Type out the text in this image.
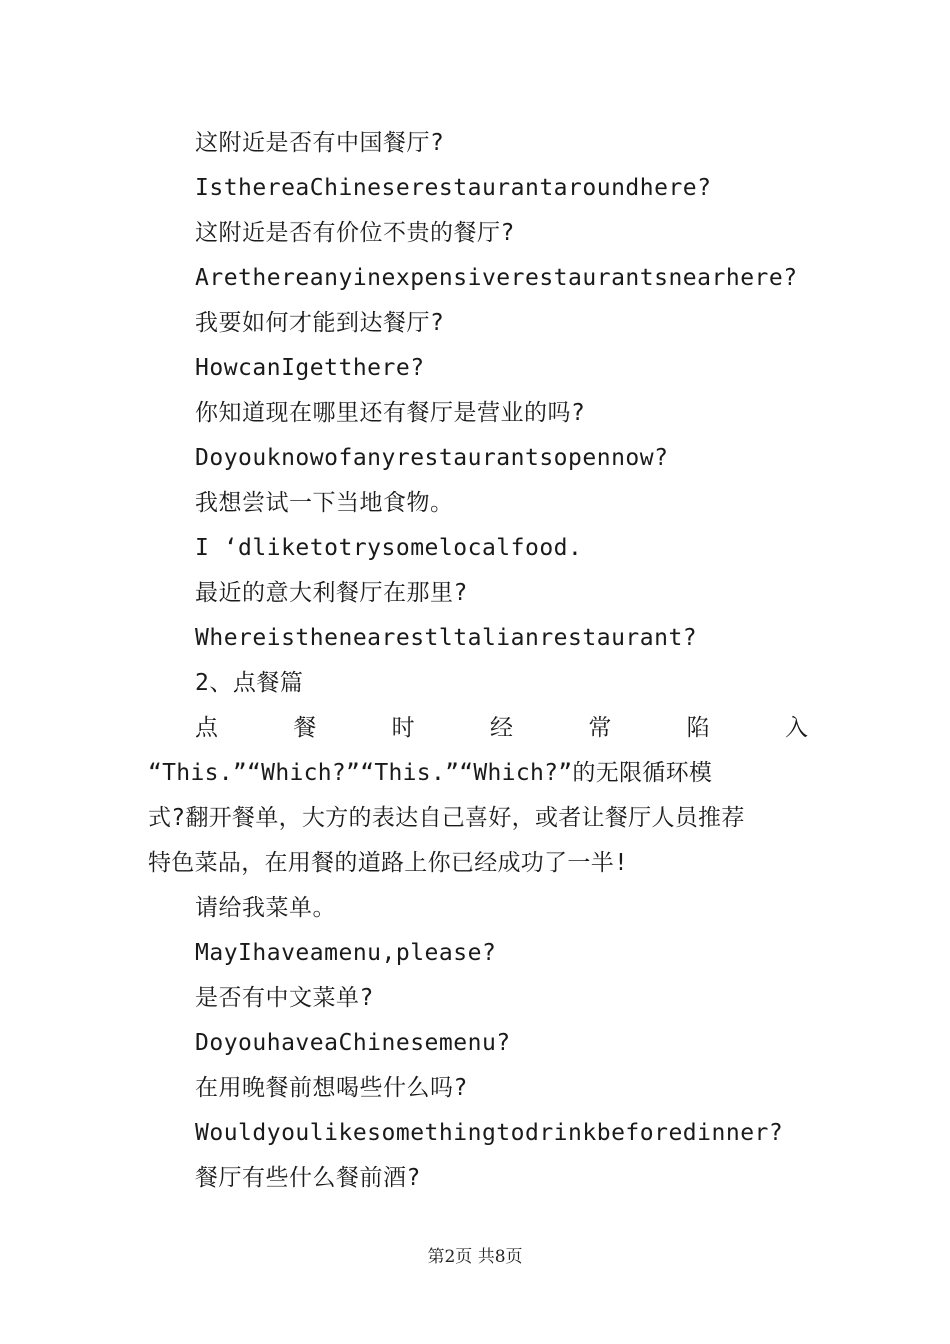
这附近是否有中国餐厅?
IsthereaChineserestaurantaroundhere?
这附近是否有价位不贵的餐厅?
Arethereanyinexpensiverestaurantsnearhere?
我要如何才能到达餐厅?
HowcanIgetthere?
你知道现在哪里还有餐厅是营业的吗?
Doyouknowofanyrestaurantsopennow?
我想尝试一下当地食物。
I ‘dliketotrysomelocalfood.
最近的意大利餐厅在那里?
Whereisthenearestltalianrestaurant?
2、点餐篇
点	餐	时	经	常	陷	入
“This.”“Which?”“This.”“Which?”的无限循环模
式?翻开餐单，大方的表达自己喜好，或者让餐厅人员推荐
特色菜品，在用餐的道路上你已经成功了一半!
请给我菜单。
MayIhaveamenu,please?
是否有中文菜单?
DoyouhaveaChinesemenu?
在用晚餐前想喝些什么吗?
Wouldyoulikesomethingtodrinkbeforedinner?
餐厅有些什么餐前酒?
第2页 共8页
